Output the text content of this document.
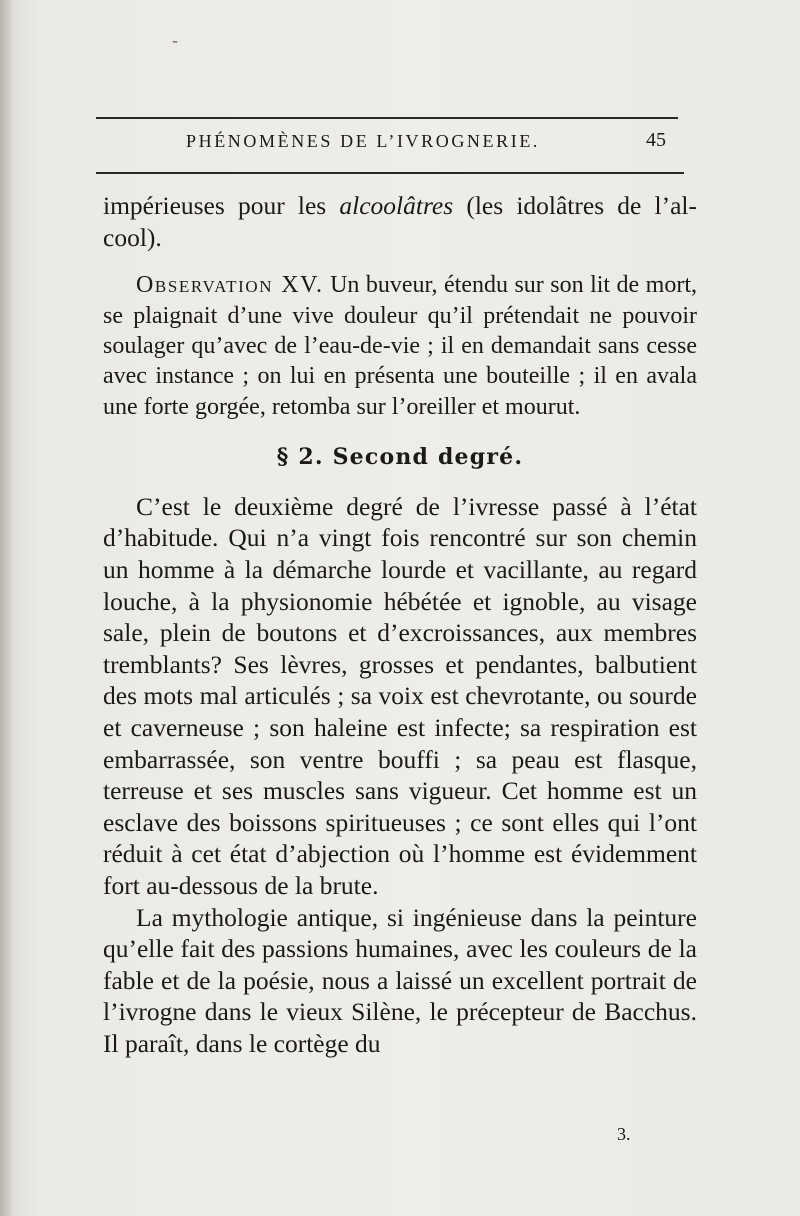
-
PHÉNOMÈNES DE L’IVROGNERIE.	45

impérieuses pour les alcoolâtres (les idolâtres de l’alcool).

Observation XV. Un buveur, étendu sur son lit de mort, se plaignait d’une vive douleur qu’il prétendait ne pouvoir soulager qu’avec de l’eau-de-vie ; il en demandait sans cesse avec instance ; on lui en présenta une bouteille ; il en avala une forte gorgée, retomba sur l’oreiller et mourut.

§ 2. Second degré.

C’est le deuxième degré de l’ivresse passé à l’état d’habitude. Qui n’a vingt fois rencontré sur son chemin un homme à la démarche lourde et vacillante, au regard louche, à la physionomie hébétée et ignoble, au visage sale, plein de boutons et d’excroissances, aux membres tremblants? Ses lèvres, grosses et pendantes, balbutient des mots mal articulés ; sa voix est chevrotante, ou sourde et caverneuse ; son haleine est infecte; sa respiration est embarrassée, son ventre bouffi ; sa peau est flasque, terreuse et ses muscles sans vigueur. Cet homme est un esclave des boissons spiritueuses ; ce sont elles qui l’ont réduit à cet état d’abjection où l’homme est évidemment fort au-dessous de la brute.

La mythologie antique, si ingénieuse dans la peinture qu’elle fait des passions humaines, avec les couleurs de la fable et de la poésie, nous a laissé un excellent portrait de l’ivrogne dans le vieux Silène, le précepteur de Bacchus. Il paraît, dans le cortège du

3.
